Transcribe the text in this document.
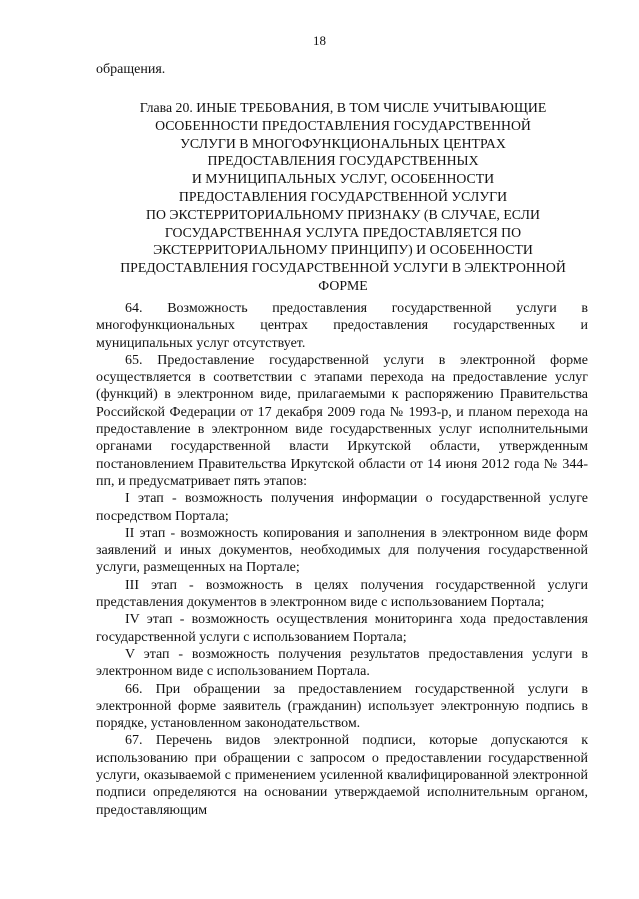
18
обращения.
Глава 20. ИНЫЕ ТРЕБОВАНИЯ, В ТОМ ЧИСЛЕ УЧИТЫВАЮЩИЕ
ОСОБЕННОСТИ ПРЕДОСТАВЛЕНИЯ ГОСУДАРСТВЕННОЙ
УСЛУГИ В МНОГОФУНКЦИОНАЛЬНЫХ ЦЕНТРАХ
ПРЕДОСТАВЛЕНИЯ ГОСУДАРСТВЕННЫХ
И МУНИЦИПАЛЬНЫХ УСЛУГ, ОСОБЕННОСТИ
ПРЕДОСТАВЛЕНИЯ ГОСУДАРСТВЕННОЙ УСЛУГИ
ПО ЭКСТЕРРИТОРИАЛЬНОМУ ПРИЗНАКУ (В СЛУЧАЕ, ЕСЛИ
ГОСУДАРСТВЕННАЯ УСЛУГА ПРЕДОСТАВЛЯЕТСЯ ПО
ЭКСТЕРРИТОРИАЛЬНОМУ ПРИНЦИПУ) И ОСОБЕННОСТИ
ПРЕДОСТАВЛЕНИЯ ГОСУДАРСТВЕННОЙ УСЛУГИ В ЭЛЕКТРОННОЙ
ФОРМЕ

64. Возможность предоставления государственной услуги в многофункциональных центрах предоставления государственных и муниципальных услуг отсутствует.

65. Предоставление государственной услуги в электронной форме осуществляется в соответствии с этапами перехода на предоставление услуг (функций) в электронном виде, прилагаемыми к распоряжению Правительства Российской Федерации от 17 декабря 2009 года № 1993-р, и планом перехода на предоставление в электронном виде государственных услуг исполнительными органами государственной власти Иркутской области, утвержденным постановлением Правительства Иркутской области от 14 июня 2012 года № 344-пп, и предусматривает пять этапов:

I этап - возможность получения информации о государственной услуге посредством Портала;

II этап - возможность копирования и заполнения в электронном виде форм заявлений и иных документов, необходимых для получения государственной услуги, размещенных на Портале;

III этап - возможность в целях получения государственной услуги представления документов в электронном виде с использованием Портала;

IV этап - возможность осуществления мониторинга хода предоставления государственной услуги с использованием Портала;

V этап - возможность получения результатов предоставления услуги в электронном виде с использованием Портала.

66. При обращении за предоставлением государственной услуги в электронной форме заявитель (гражданин) использует электронную подпись в порядке, установленном законодательством.

67. Перечень видов электронной подписи, которые допускаются к использованию при обращении с запросом о предоставлении государственной услуги, оказываемой с применением усиленной квалифицированной электронной подписи определяются на основании утверждаемой исполнительным органом, предоставляющим
